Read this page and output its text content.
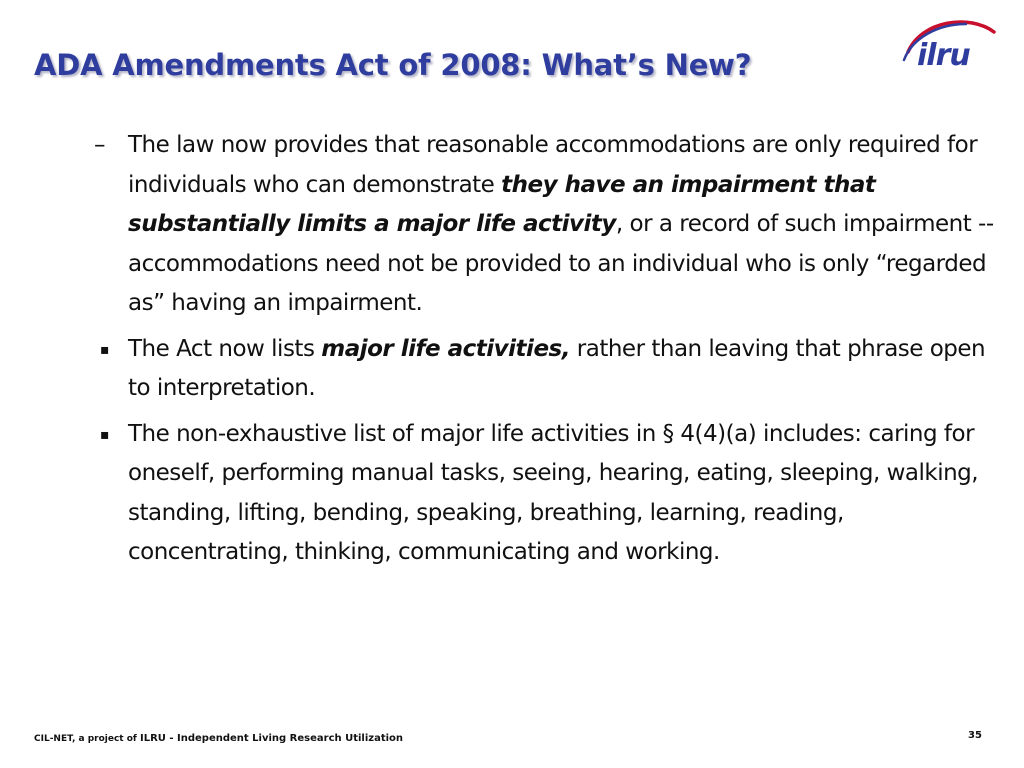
ADA Amendments Act of 2008: What’s New?	ilru
– The law now provides that reasonable accommodations are only required for individuals who can demonstrate they have an impairment that substantially limits a major life activity, or a record of such impairment -- accommodations need not be provided to an individual who is only “regarded as” having an impairment.
▪ The Act now lists major life activities, rather than leaving that phrase open to interpretation.
▪ The non-exhaustive list of major life activities in § 4(4)(a) includes: caring for oneself, performing manual tasks, seeing, hearing, eating, sleeping, walking, standing, lifting, bending, speaking, breathing, learning, reading, concentrating, thinking, communicating and working.
CIL-NET, a project of ILRU - Independent Living Research Utilization	35
